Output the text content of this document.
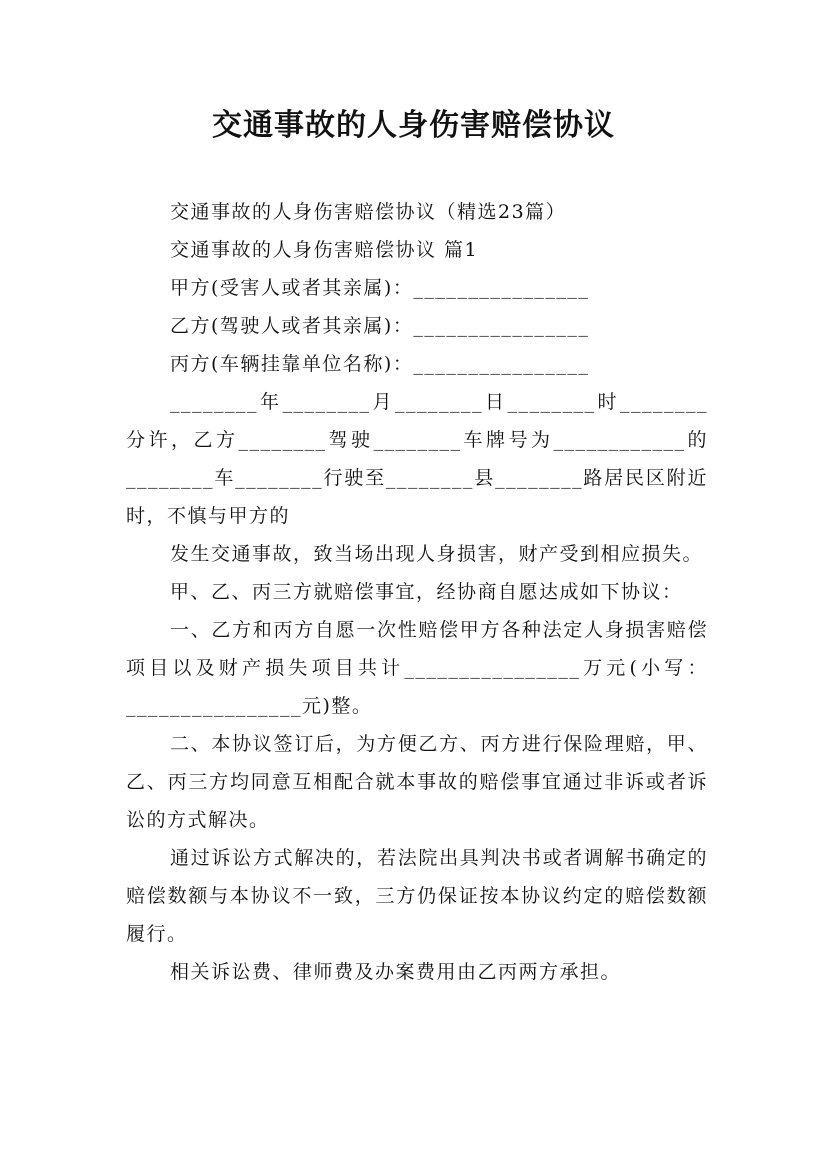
交通事故的人身伤害赔偿协议

交通事故的人身伤害赔偿协议（精选23篇）

交通事故的人身伤害赔偿协议 篇1

甲方(受害人或者其亲属)：________________

乙方(驾驶人或者其亲属)：________________

丙方(车辆挂靠单位名称)：________________

________年________月________日________时________分许，乙方________驾驶________车牌号为____________的________车________行驶至________县________路居民区附近时，不慎与甲方的

发生交通事故，致当场出现人身损害，财产受到相应损失。

甲、乙、丙三方就赔偿事宜，经协商自愿达成如下协议：

一、乙方和丙方自愿一次性赔偿甲方各种法定人身损害赔偿项目以及财产损失项目共计________________万元(小写：________________元)整。

二、本协议签订后，为方便乙方、丙方进行保险理赔，甲、乙、丙三方均同意互相配合就本事故的赔偿事宜通过非诉或者诉讼的方式解决。

通过诉讼方式解决的，若法院出具判决书或者调解书确定的赔偿数额与本协议不一致，三方仍保证按本协议约定的赔偿数额履行。

相关诉讼费、律师费及办案费用由乙丙两方承担。
